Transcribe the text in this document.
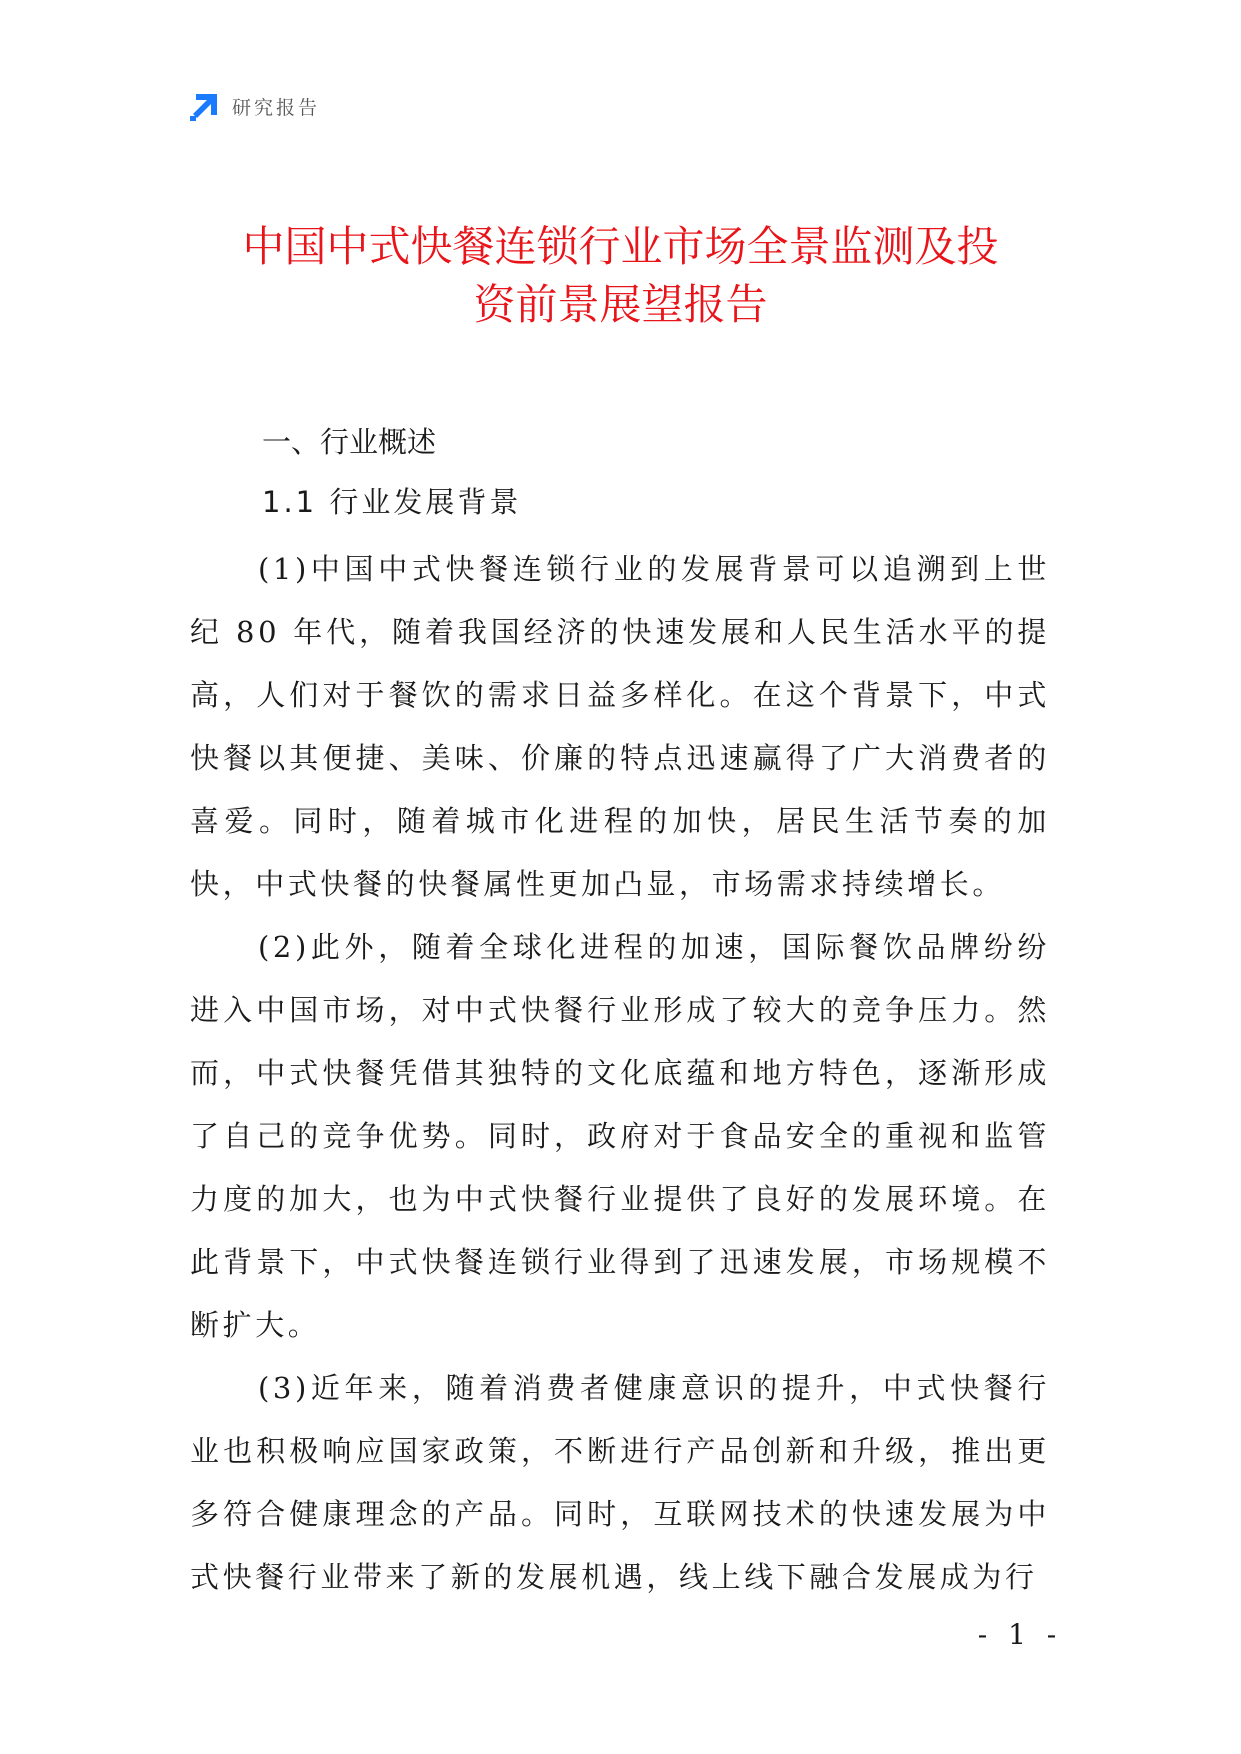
研究报告
中国中式快餐连锁行业市场全景监测及投
资前景展望报告
一、行业概述
1.1 行业发展背景

(1)中国中式快餐连锁行业的发展背景可以追溯到上世纪 80 年代，随着我国经济的快速发展和人民生活水平的提高，人们对于餐饮的需求日益多样化。在这个背景下，中式快餐以其便捷、美味、价廉的特点迅速赢得了广大消费者的喜爱。同时，随着城市化进程的加快，居民生活节奏的加快，中式快餐的快餐属性更加凸显，市场需求持续增长。

(2)此外，随着全球化进程的加速，国际餐饮品牌纷纷进入中国市场，对中式快餐行业形成了较大的竞争压力。然而，中式快餐凭借其独特的文化底蕴和地方特色，逐渐形成了自己的竞争优势。同时，政府对于食品安全的重视和监管力度的加大，也为中式快餐行业提供了良好的发展环境。在此背景下，中式快餐连锁行业得到了迅速发展，市场规模不断扩大。

(3)近年来，随着消费者健康意识的提升，中式快餐行业也积极响应国家政策，不断进行产品创新和升级，推出更多符合健康理念的产品。同时，互联网技术的快速发展为中式快餐行业带来了新的发展机遇，线上线下融合发展成为行

- 1 -
